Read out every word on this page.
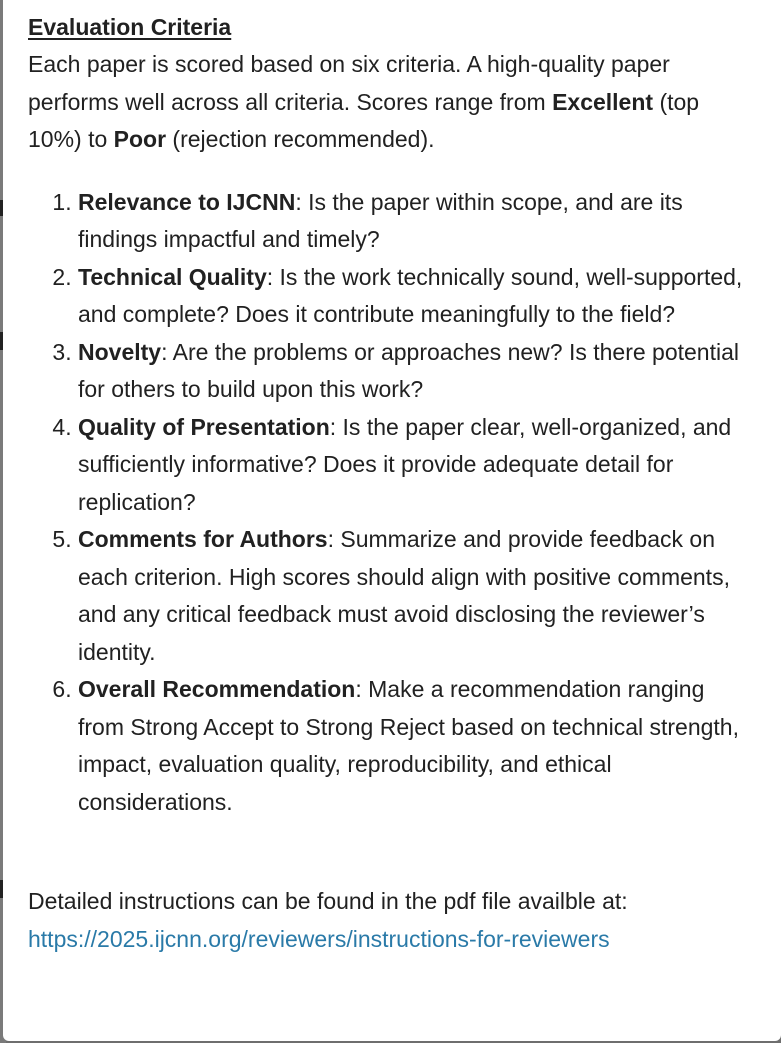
Evaluation Criteria

Each paper is scored based on six criteria. A high-quality paper performs well across all criteria. Scores range from Excellent (top 10%) to Poor (rejection recommended).

1. Relevance to IJCNN: Is the paper within scope, and are its findings impactful and timely?
2. Technical Quality: Is the work technically sound, well-supported, and complete? Does it contribute meaningfully to the field?
3. Novelty: Are the problems or approaches new? Is there potential for others to build upon this work?
4. Quality of Presentation: Is the paper clear, well-organized, and sufficiently informative? Does it provide adequate detail for replication?
5. Comments for Authors: Summarize and provide feedback on each criterion. High scores should align with positive comments, and any critical feedback must avoid disclosing the reviewer’s identity.
6. Overall Recommendation: Make a recommendation ranging from Strong Accept to Strong Reject based on technical strength, impact, evaluation quality, reproducibility, and ethical considerations.

Detailed instructions can be found in the pdf file availble at:
https://2025.ijcnn.org/reviewers/instructions-for-reviewers
